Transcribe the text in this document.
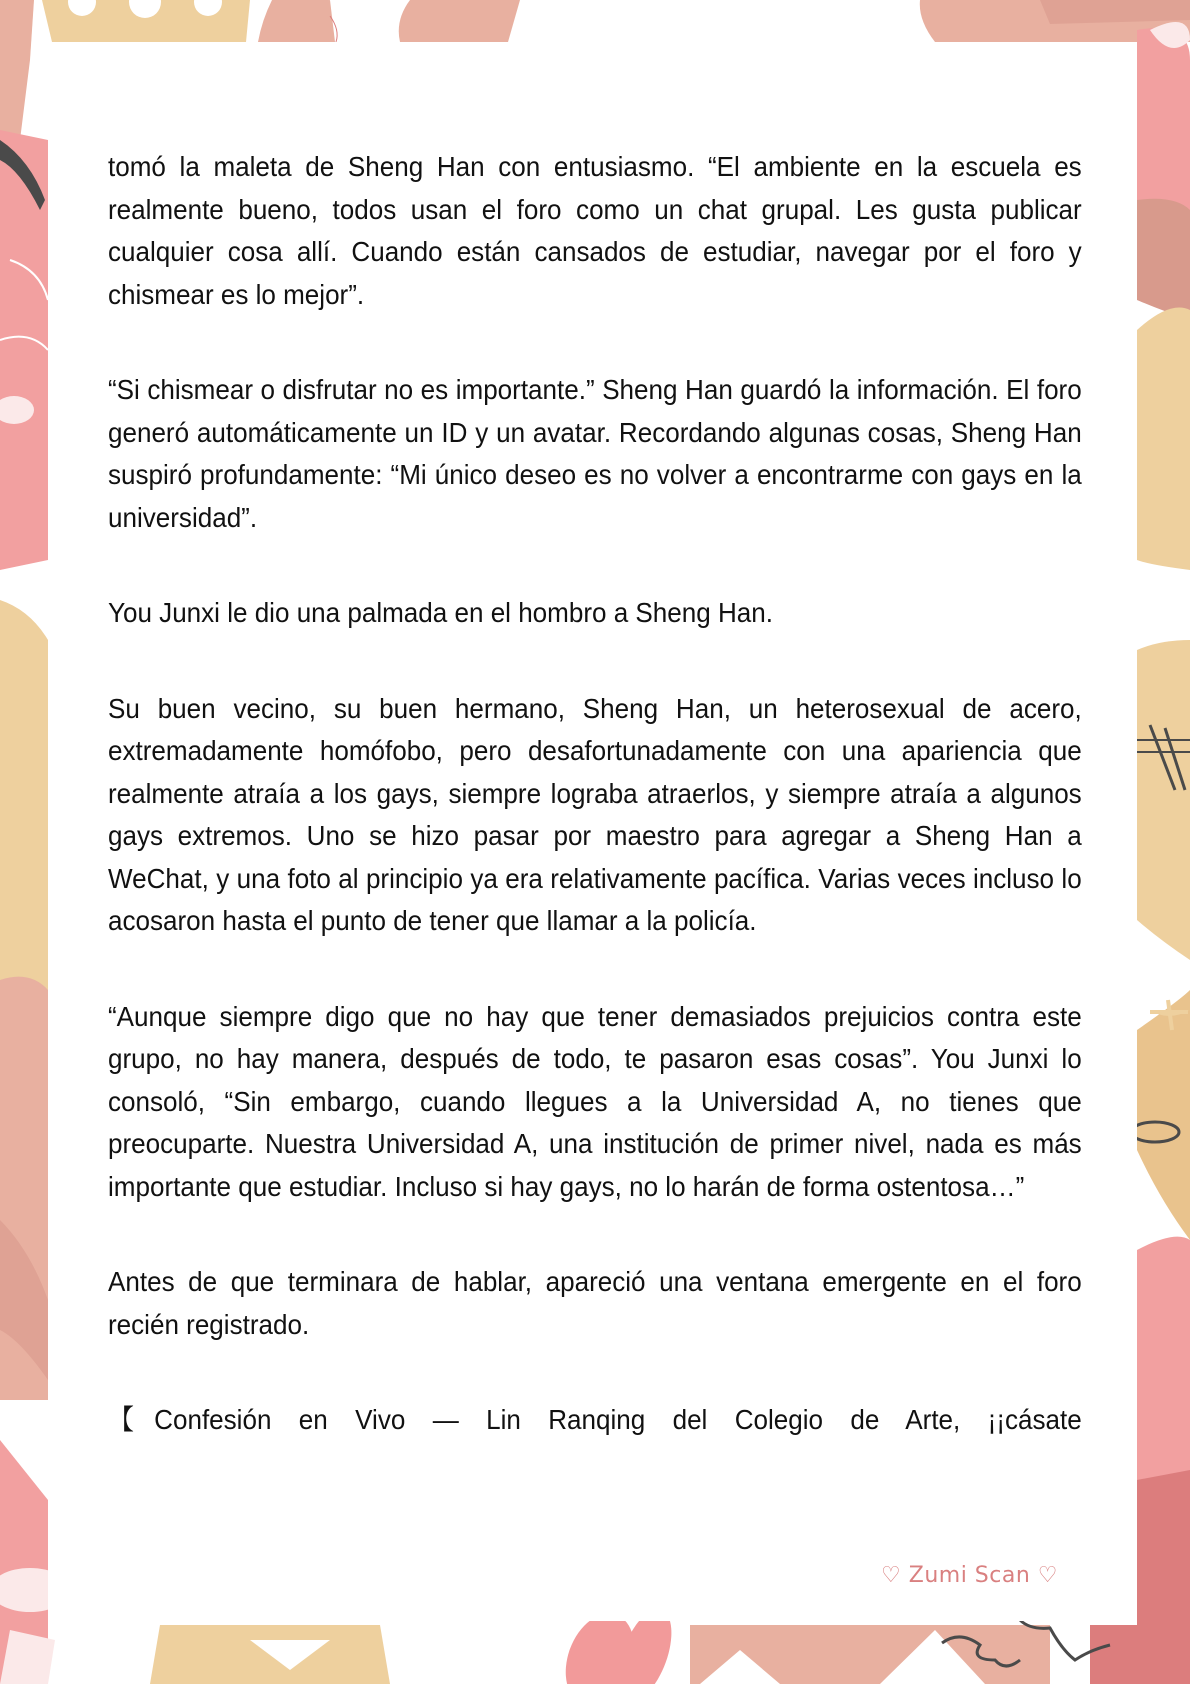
tomó la maleta de Sheng Han con entusiasmo. “El ambiente en la escuela es realmente bueno, todos usan el foro como un chat grupal. Les gusta publicar cualquier cosa allí. Cuando están cansados de estudiar, navegar por el foro y chismear es lo mejor”.

“Si chismear o disfrutar no es importante.” Sheng Han guardó la información. El foro generó automáticamente un ID y un avatar. Recordando algunas cosas, Sheng Han suspiró profundamente: “Mi único deseo es no volver a encontrarme con gays en la universidad”.

You Junxi le dio una palmada en el hombro a Sheng Han.

Su buen vecino, su buen hermano, Sheng Han, un heterosexual de acero, extremadamente homófobo, pero desafortunadamente con una apariencia que realmente atraía a los gays, siempre lograba atraerlos, y siempre atraía a algunos gays extremos. Uno se hizo pasar por maestro para agregar a Sheng Han a WeChat, y una foto al principio ya era relativamente pacífica. Varias veces incluso lo acosaron hasta el punto de tener que llamar a la policía.

“Aunque siempre digo que no hay que tener demasiados prejuicios contra este grupo, no hay manera, después de todo, te pasaron esas cosas”. You Junxi lo consoló, “Sin embargo, cuando llegues a la Universidad A, no tienes que preocuparte. Nuestra Universidad A, una institución de primer nivel, nada es más importante que estudiar. Incluso si hay gays, no lo harán de forma ostentosa…”

Antes de que terminara de hablar, apareció una ventana emergente en el foro recién registrado.

【Confesión en Vivo — Lin Ranqing del Colegio de Arte, ¡¡cásate

♡ Zumi Scan ♡
